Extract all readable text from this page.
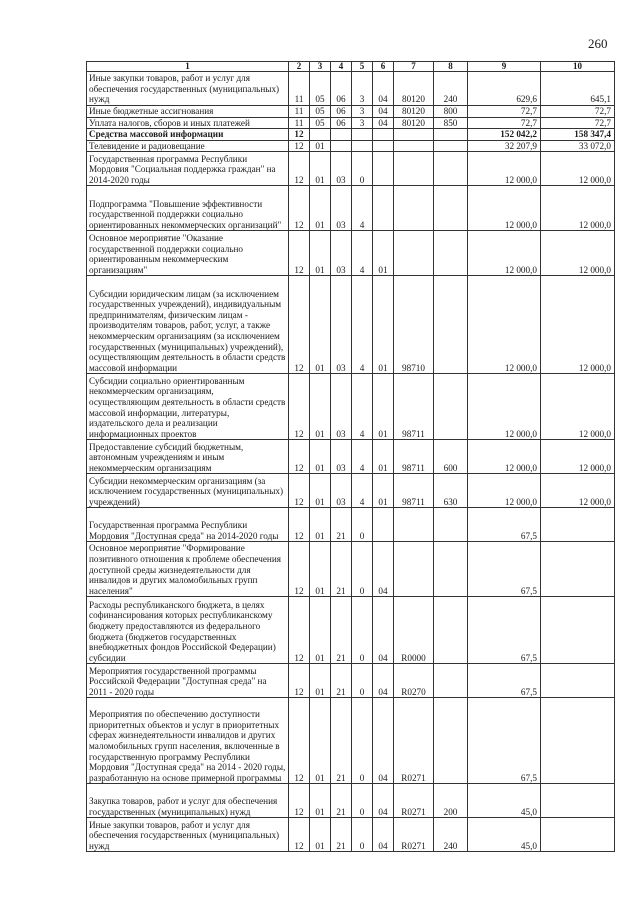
260
1	2	3	4	5	6	7	8	9	10
Иные закупки товаров, работ и услуг для обеспечения государственных (муниципальных) нужд	11	05	06	3	04	80120	240	629,6	645,1
Иные бюджетные ассигнования	11	05	06	3	04	80120	800	72,7	72,7
Уплата налогов, сборов и иных платежей	11	05	06	3	04	80120	850	72,7	72,7
Средства массовой информации	12							152 042,2	158 347,4
Телевидение и радиовещание	12	01						32 207,9	33 072,0
Государственная программа Республики Мордовия "Социальная поддержка граждан" на 2014-2020 годы	12	01	03	0				12 000,0	12 000,0
Подпрограмма "Повышение эффективности государственной поддержки социально ориентированных некоммерческих организаций"	12	01	03	4				12 000,0	12 000,0
Основное мероприятие "Оказание государственной поддержки социально ориентированным некоммерческим организациям"	12	01	03	4	01			12 000,0	12 000,0
Субсидии юридическим лицам (за исключением государственных учреждений), индивидуальным предпринимателям, физическим лицам - производителям товаров, работ, услуг, а также некоммерческим организациям (за исключением государственных (муниципальных) учреждений), осуществляющим деятельность в области средств массовой информации	12	01	03	4	01	98710		12 000,0	12 000,0
Субсидии социально ориентированным некоммерческим организациям, осуществляющим деятельность в области средств массовой информации, литературы, издательского дела и реализации информационных проектов	12	01	03	4	01	98711		12 000,0	12 000,0
Предоставление субсидий бюджетным, автономным учреждениям и иным некоммерческим организациям	12	01	03	4	01	98711	600	12 000,0	12 000,0
Субсидии некоммерческим организациям (за исключением государственных (муниципальных) учреждений)	12	01	03	4	01	98711	630	12 000,0	12 000,0
Государственная программа Республики Мордовия "Доступная среда" на 2014-2020 годы	12	01	21	0				67,5	
Основное мероприятие "Формирование позитивного отношения к проблеме обеспечения доступной среды жизнедеятельности для инвалидов и других маломобильных групп населения"	12	01	21	0	04			67,5	
Расходы республиканского бюджета, в целях софинансирования которых республиканскому бюджету предоставляются из федерального бюджета (бюджетов государственных внебюджетных фондов Российской Федерации) субсидии	12	01	21	0	04	R0000		67,5	
Мероприятия государственной программы Российской Федерации "Доступная среда" на 2011 - 2020 годы	12	01	21	0	04	R0270		67,5	
Мероприятия по обеспечению доступности приоритетных объектов и услуг в приоритетных сферах жизнедеятельности инвалидов и других маломобильных групп населения, включенные в государственную программу Республики Мордовия "Доступная среда" на 2014 - 2020 годы, разработанную на основе примерной программы	12	01	21	0	04	R0271		67,5	
Закупка товаров, работ и услуг для обеспечения государственных (муниципальных) нужд	12	01	21	0	04	R0271	200	45,0	
Иные закупки товаров, работ и услуг для обеспечения государственных (муниципальных) нужд	12	01	21	0	04	R0271	240	45,0	
